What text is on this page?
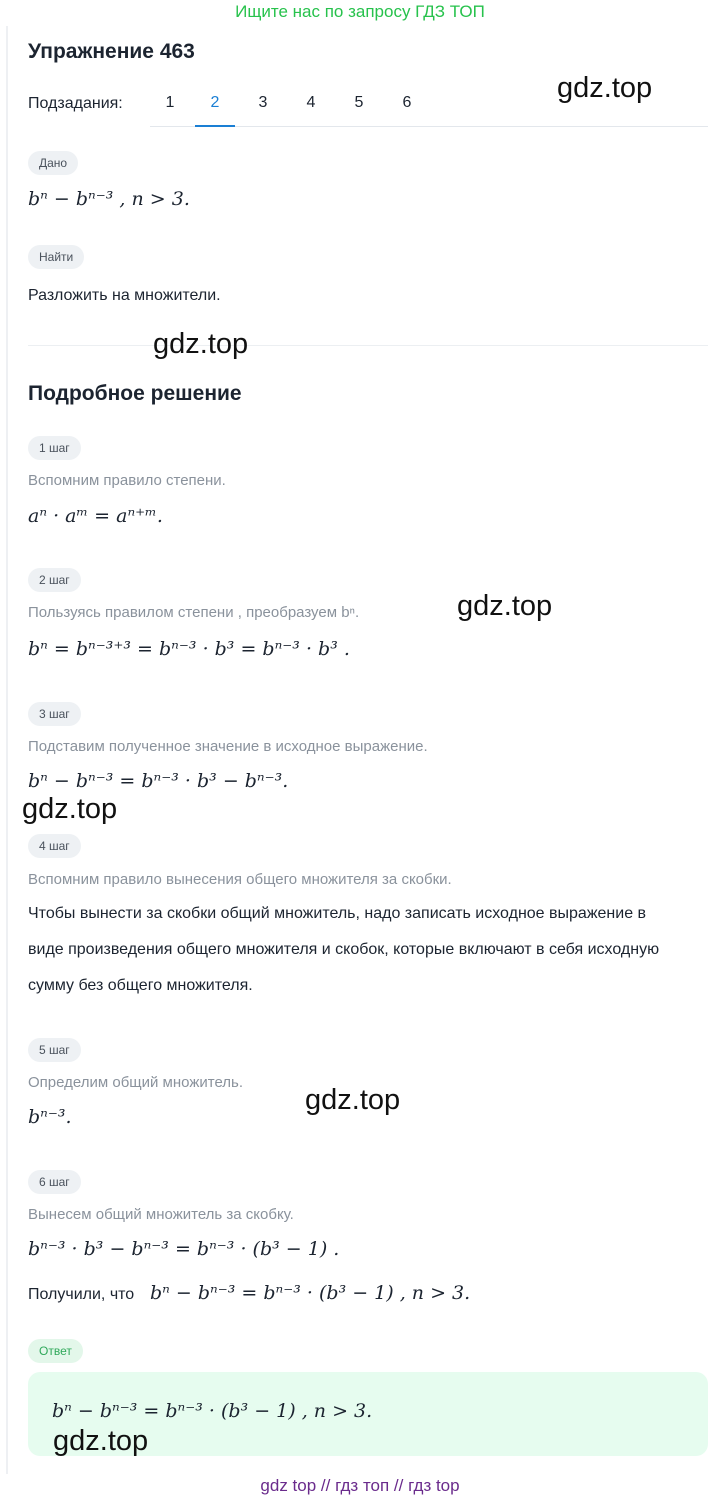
Ищите нас по запросу ГДЗ ТОП
Упражнение 463
Подзадания:	1	2	3	4	5	6	gdz.top
Дано
bⁿ − bⁿ⁻³ , n > 3.
Найти
Разложить на множители.
gdz.top
Подробное решение
1 шаг
Вспомним правило степени.
aⁿ · aᵐ = aⁿ⁺ᵐ.
2 шаг
Пользуясь правилом степени , преобразуем bⁿ.	gdz.top
bⁿ = bⁿ⁻³⁺³ = bⁿ⁻³ · b³ = bⁿ⁻³ · b³ .
3 шаг
Подставим полученное значение в исходное выражение.
bⁿ − bⁿ⁻³ = bⁿ⁻³ · b³ − bⁿ⁻³.
gdz.top
4 шаг
Вспомним правило вынесения общего множителя за скобки.
Чтобы вынести за скобки общий множитель, надо записать исходное выражение в виде произведения общего множителя и скобок, которые включают в себя исходную сумму без общего множителя.
5 шаг
Определим общий множитель.
gdz.top
bⁿ⁻³.
6 шаг
Вынесем общий множитель за скобку.
bⁿ⁻³ · b³ − bⁿ⁻³ = bⁿ⁻³ · (b³ − 1) .
Получили, что bⁿ − bⁿ⁻³ = bⁿ⁻³ · (b³ − 1) , n > 3.
Ответ
bⁿ − bⁿ⁻³ = bⁿ⁻³ · (b³ − 1) , n > 3.
gdz.top
gdz top // гдз топ // гдз top
